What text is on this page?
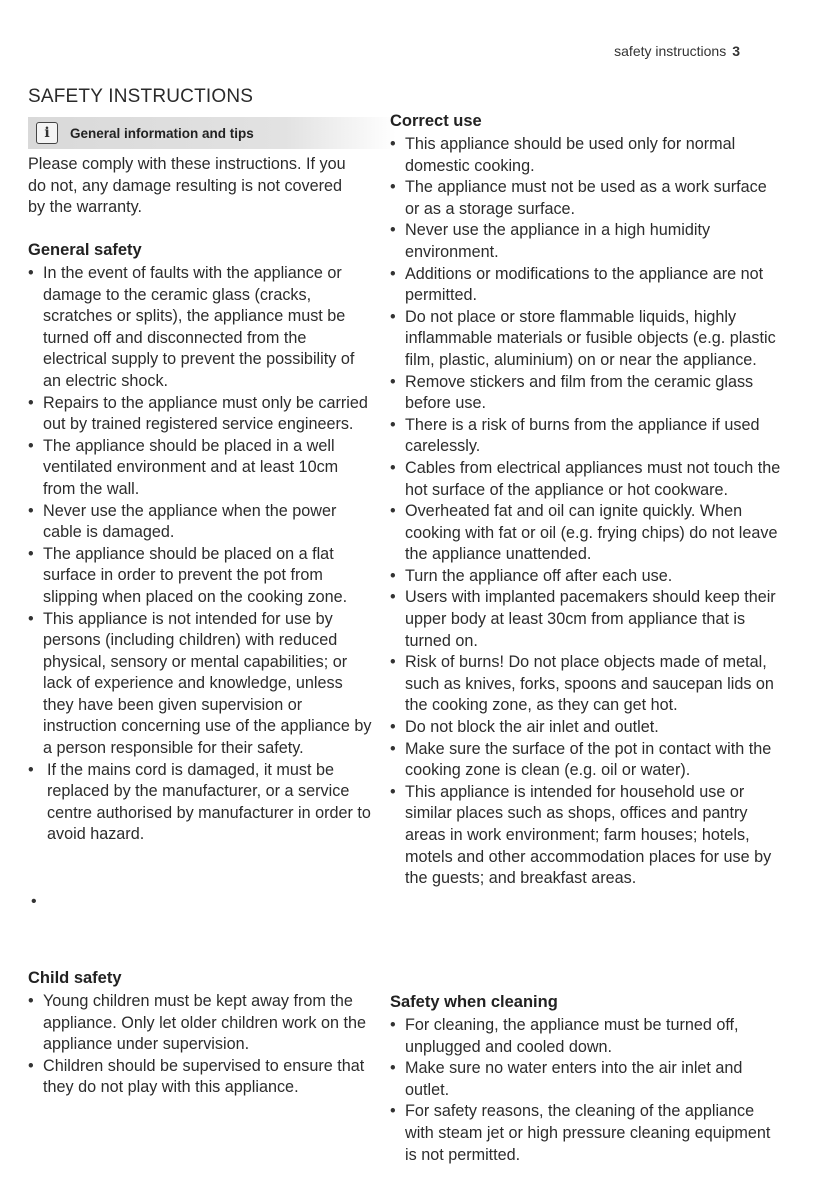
safety instructions 3
SAFETY INSTRUCTIONS
i	General information and tips
Please comply with these instructions. If you do not, any damage resulting is not covered by the warranty.
General safety
• In the event of faults with the appliance or damage to the ceramic glass (cracks, scratches or splits), the appliance must be turned off and disconnected from the electrical supply to prevent the possibility of an electric shock.
• Repairs to the appliance must only be carried out by trained registered service engineers.
• The appliance should be placed in a well ventilated environment and at least 10cm from the wall.
• Never use the appliance when the power cable is damaged.
• The appliance should be placed on a flat surface in order to prevent the pot from slipping when placed on the cooking zone.
• This appliance is not intended for use by persons (including children) with reduced physical, sensory or mental capabilities; or lack of experience and knowledge, unless they have been given supervision or instruction concerning use of the appliance by a person responsible for their safety.
• If the mains cord is damaged, it must be replaced by the manufacturer, or a service centre authorised by manufacturer in order to avoid hazard.
•
Child safety
• Young children must be kept away from the appliance. Only let older children work on the appliance under supervision.
• Children should be supervised to ensure that they do not play with this appliance.
Correct use
• This appliance should be used only for normal domestic cooking.
• The appliance must not be used as a work surface or as a storage surface.
• Never use the appliance in a high humidity environment.
• Additions or modifications to the appliance are not permitted.
• Do not place or store flammable liquids, highly inflammable materials or fusible objects (e.g. plastic film, plastic, aluminium) on or near the appliance.
• Remove stickers and film from the ceramic glass before use.
• There is a risk of burns from the appliance if used carelessly.
• Cables from electrical appliances must not touch the hot surface of the appliance or hot cookware.
• Overheated fat and oil can ignite quickly. When cooking with fat or oil (e.g. frying chips) do not leave the appliance unattended.
• Turn the appliance off after each use.
• Users with implanted pacemakers should keep their upper body at least 30cm from appliance that is turned on.
• Risk of burns! Do not place objects made of metal, such as knives, forks, spoons and saucepan lids on the cooking zone, as they can get hot.
• Do not block the air inlet and outlet.
• Make sure the surface of the pot in contact with the cooking zone is clean (e.g. oil or water).
• This appliance is intended for household use or similar places such as shops, offices and pantry areas in work environment; farm houses; hotels, motels and other accommodation places for use by the guests; and breakfast areas.
Safety when cleaning
• For cleaning, the appliance must be turned off, unplugged and cooled down.
• Make sure no water enters into the air inlet and outlet.
• For safety reasons, the cleaning of the appliance with steam jet or high pressure cleaning equipment is not permitted.
